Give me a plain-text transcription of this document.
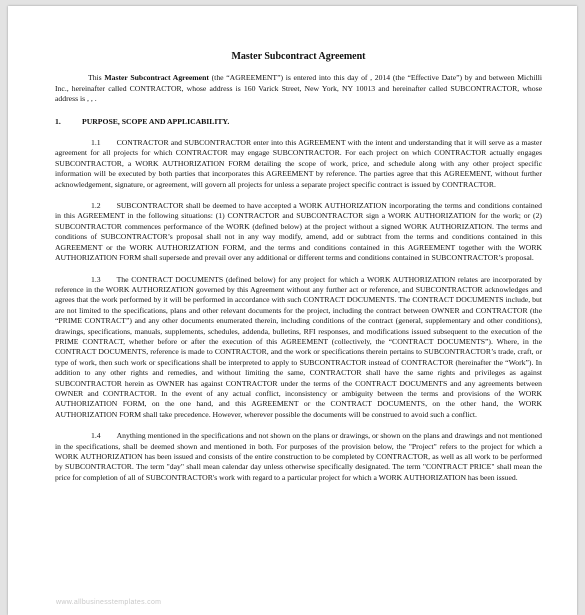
Master Subcontract Agreement

This Master Subcontract Agreement (the “AGREEMENT”) is entered into this day of , 2014 (the “Effective Date”) by and between Michilli Inc., hereinafter called CONTRACTOR, whose address is 160 Varick Street, New York, NY 10013 and hereinafter called SUBCONTRACTOR, whose address is , , .

1.	PURPOSE, SCOPE AND APPLICABILITY.

1.1 CONTRACTOR and SUBCONTRACTOR enter into this AGREEMENT with the intent and understanding that it will serve as a master agreement for all projects for which CONTRACTOR may engage SUBCONTRACTOR. For each project on which CONTRACTOR actually engages SUBCONTRACTOR, a WORK AUTHORIZATION FORM detailing the scope of work, price, and schedule along with any other project specific information will be executed by both parties that incorporates this AGREEMENT by reference. The parties agree that this AGREEMENT, without further acknowledgement, signature, or agreement, will govern all projects for unless a separate project specific contract is issued by CONTRACTOR.

1.2 SUBCONTRACTOR shall be deemed to have accepted a WORK AUTHORIZATION incorporating the terms and conditions contained in this AGREEMENT in the following situations: (1) CONTRACTOR and SUBCONTRACTOR sign a WORK AUTHORIZATION for the work; or (2) SUBCONTRACTOR commences performance of the WORK (defined below) at the project without a signed WORK AUTHORIZATION. The terms and conditions of SUBCONTRACTOR’s proposal shall not in any way modify, amend, add or subtract from the terms and conditions contained in this AGREEMENT or the WORK AUTHORIZATION FORM, and the terms and conditions contained in this AGREEMENT together with the WORK AUTHORIZATION FORM shall supersede and prevail over any additional or different terms and conditions contained in SUBCONTRACTOR’s proposal.

1.3 The CONTRACT DOCUMENTS (defined below) for any project for which a WORK AUTHORIZATION relates are incorporated by reference in the WORK AUTHORIZATION governed by this Agreement without any further act or reference, and SUBCONTRACTOR acknowledges and agrees that the work performed by it will be performed in accordance with such CONTRACT DOCUMENTS. The CONTRACT DOCUMENTS include, but are not limited to the specifications, plans and other relevant documents for the project, including the contract between OWNER and CONTRACTOR (the “PRIME CONTRACT”) and any other documents enumerated therein, including conditions of the contract (general, supplementary and other conditions), drawings, specifications, manuals, supplements, schedules, addenda, bulletins, RFI responses, and modifications issued subsequent to the execution of the PRIME CONTRACT, whether before or after the execution of this AGREEMENT (collectively, the “CONTRACT DOCUMENTS”). Where, in the CONTRACT DOCUMENTS, reference is made to CONTRACTOR, and the work or specifications therein pertains to SUBCONTRACTOR’s trade, craft, or type of work, then such work or specifications shall be interpreted to apply to SUBCONTRACTOR instead of CONTRACTOR (hereinafter the “Work”). In addition to any other rights and remedies, and without limiting the same, CONTRACTOR shall have the same rights and privileges as against SUBCONTRACTOR herein as OWNER has against CONTRACTOR under the terms of the CONTRACT DOCUMENTS and any agreements between OWNER and CONTRACTOR. In the event of any actual conflict, inconsistency or ambiguity between the terms and provisions of the WORK AUTHORIZATION FORM, on the one hand, and this AGREEMENT or the CONTRACT DOCUMENTS, on the other hand, the WORK AUTHORIZATION FORM shall take precedence. However, wherever possible the documents will be construed to avoid such a conflict.

1.4 Anything mentioned in the specifications and not shown on the plans or drawings, or shown on the plans and drawings and not mentioned in the specifications, shall be deemed shown and mentioned in both. For purposes of the provision below, the "Project" refers to the project for which a WORK AUTHORIZATION has been issued and consists of the entire construction to be completed by CONTRACTOR, as well as all work to be performed by SUBCONTRACTOR. The term "day" shall mean calendar day unless otherwise specifically designated. The term "CONTRACT PRICE" shall mean the price for completion of all of SUBCONTRACTOR's work with regard to a particular project for which a WORK AUTHORIZATION has been issued.

www.allbusinesstemplates.com
